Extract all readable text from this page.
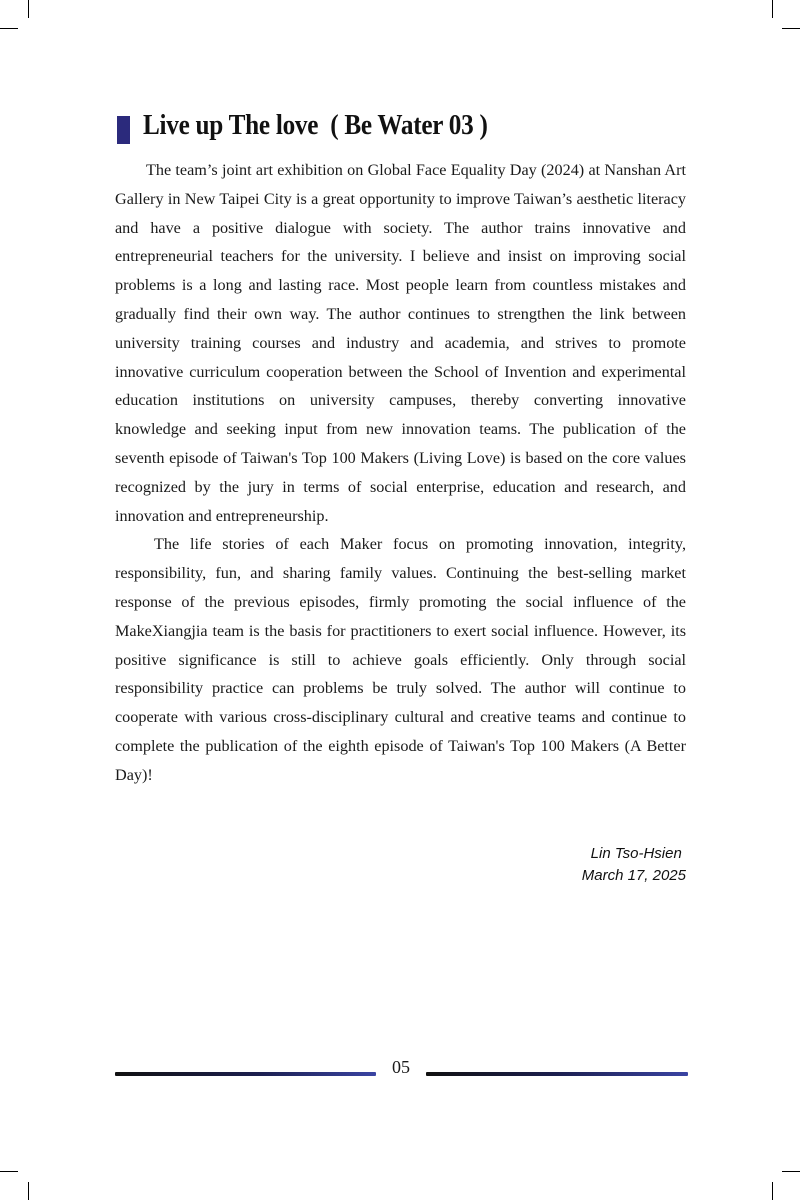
Live up The love  ( Be Water 03 )

The team’s joint art exhibition on Global Face Equality Day (2024) at Nanshan Art Gallery in New Taipei City is a great opportunity to improve Taiwan’s aesthetic literacy and have a positive dialogue with society. The author trains innovative and entrepreneurial teachers for the university. I believe and insist on improving social problems is a long and lasting race. Most people learn from countless mistakes and gradually find their own way. The author continues to strengthen the link between university training courses and industry and academia, and strives to promote innovative curriculum cooperation between the School of Invention and experimental education institutions on university campuses, thereby converting innovative knowledge and seeking input from new innovation teams. The publication of the seventh episode of Taiwan's Top 100 Makers (Living Love) is based on the core values recognized by the jury in terms of social enterprise, education and research, and innovation and entrepreneurship.

The life stories of each Maker focus on promoting innovation, integrity, responsibility, fun, and sharing family values. Continuing the best-selling market response of the previous episodes, firmly promoting the social influence of the MakeXiangjia team is the basis for practitioners to exert social influence. However, its positive significance is still to achieve goals efficiently. Only through social responsibility practice can problems be truly solved. The author will continue to cooperate with various cross-disciplinary cultural and creative teams and continue to complete the publication of the eighth episode of Taiwan's Top 100 Makers (A Better Day)!

Lin Tso-Hsien
March 17, 2025
05
